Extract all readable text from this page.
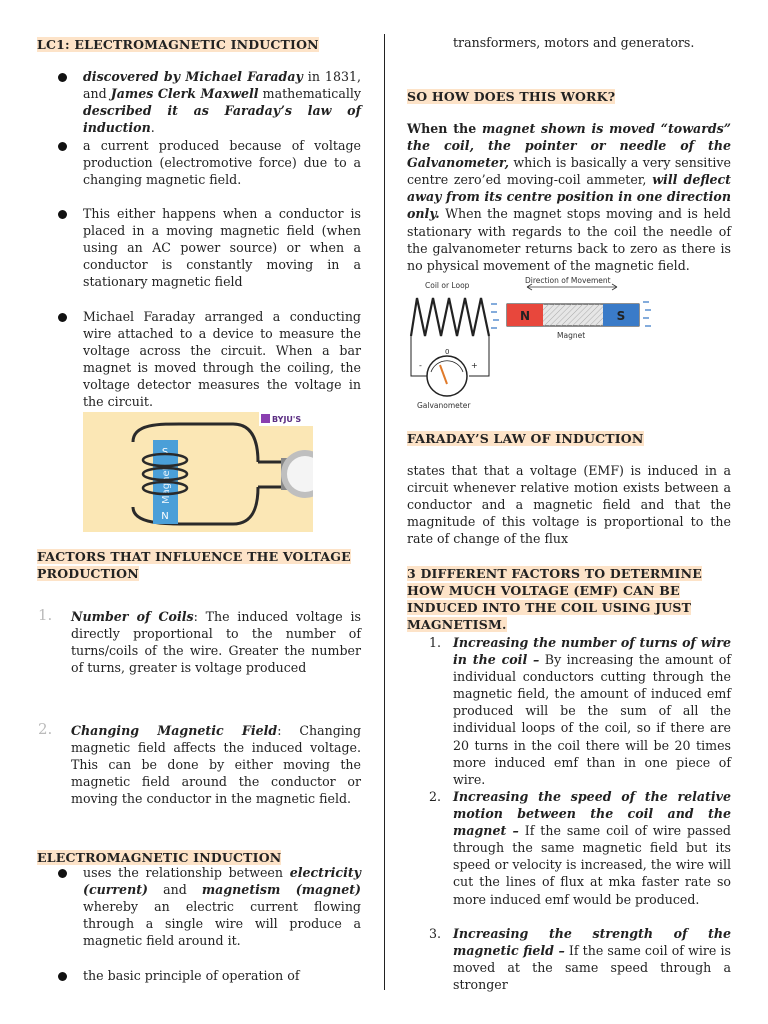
LC1: ELECTROMAGNETIC INDUCTION
discovered by Michael Faraday in 1831, and James Clerk Maxwell mathematically described it as Faraday’s law of induction.
a current produced because of voltage production (electromotive force) due to a changing magnetic field.
This either happens when a conductor is placed in a moving magnetic field (when using an AC power source) or when a conductor is constantly moving in a stationary magnetic field
Michael Faraday arranged a conducting wire attached to a device to measure the voltage across the circuit. When a bar magnet is moved through the coiling, the voltage detector measures the voltage in the circuit.
BYJU'S
S
N
Magnet
FACTORS THAT INFLUENCE THE VOLTAGE PRODUCTION
1. Number of Coils: The induced voltage is directly proportional to the number of turns/coils of the wire. Greater the number of turns, greater is voltage produced
2. Changing Magnetic Field: Changing magnetic field affects the induced voltage. This can be done by either moving the magnetic field around the conductor or moving the conductor in the magnetic field.
ELECTROMAGNETIC INDUCTION
uses the relationship between electricity (current) and magnetism (magnet) whereby an electric current flowing through a single wire will produce a magnetic field around it.
the basic principle of operation of
transformers, motors and generators.
SO HOW DOES THIS WORK?
When the magnet shown is moved “towards” the coil, the pointer or needle of the Galvanometer, which is basically a very sensitive centre zero’ed moving-coil ammeter, will deflect away from its centre position in one direction only. When the magnet stops moving and is held stationary with regards to the coil the needle of the galvanometer returns back to zero as there is no physical movement of the magnetic field.
Coil or Loop
Direction of Movement
N	S
Magnet
0
-	+
Galvanometer
FARADAY’S LAW OF INDUCTION
states that that a voltage (EMF) is induced in a circuit whenever relative motion exists between a conductor and a magnetic field and that the magnitude of this voltage is proportional to the rate of change of the flux
3 DIFFERENT FACTORS TO DETERMINE HOW MUCH VOLTAGE (EMF) CAN BE INDUCED INTO THE COIL USING JUST MAGNETISM.
1. Increasing the number of turns of wire in the coil – By increasing the amount of individual conductors cutting through the magnetic field, the amount of induced emf produced will be the sum of all the individual loops of the coil, so if there are 20 turns in the coil there will be 20 times more induced emf than in one piece of wire.
2. Increasing the speed of the relative motion between the coil and the magnet – If the same coil of wire passed through the same magnetic field but its speed or velocity is increased, the wire will cut the lines of flux at mka faster rate so more induced emf would be produced.
3. Increasing the strength of the magnetic field – If the same coil of wire is moved at the same speed through a stronger
